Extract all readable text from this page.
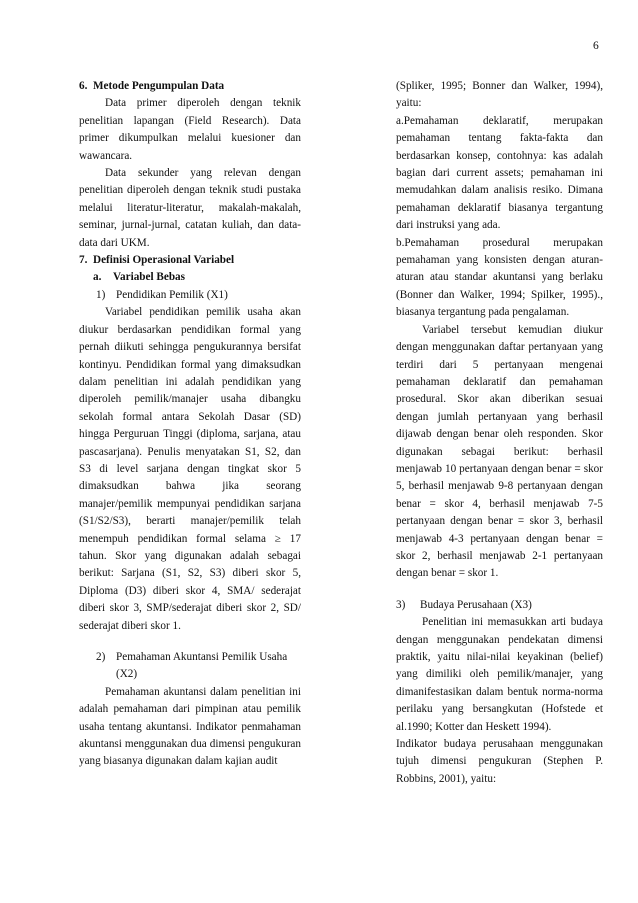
6
6. Metode Pengumpulan Data

Data primer diperoleh dengan teknik penelitian lapangan (Field Research). Data primer dikumpulkan melalui kuesioner dan wawancara.

Data sekunder yang relevan dengan penelitian diperoleh dengan teknik studi pustaka melalui literatur-literatur, makalah-makalah, seminar, jurnal-jurnal, catatan kuliah, dan data-data dari UKM.

7. Definisi Operasional Variabel
a.	Variabel Bebas
1) Pendidikan Pemilik (X1)

Variabel pendidikan pemilik usaha akan diukur berdasarkan pendidikan formal yang pernah diikuti sehingga pengukurannya bersifat kontinyu. Pendidikan formal yang dimaksudkan dalam penelitian ini adalah pendidikan yang diperoleh pemilik/manajer usaha dibangku sekolah formal antara Sekolah Dasar (SD) hingga Perguruan Tinggi (diploma, sarjana, atau pascasarjana). Penulis menyatakan S1, S2, dan S3 di level sarjana dengan tingkat skor 5 dimaksudkan bahwa jika seorang manajer/pemilik mempunyai pendidikan sarjana (S1/S2/S3), berarti manajer/pemilik telah menempuh pendidikan formal selama ≥ 17 tahun. Skor yang digunakan adalah sebagai berikut: Sarjana (S1, S2, S3) diberi skor 5, Diploma (D3) diberi skor 4, SMA/ sederajat diberi skor 3, SMP/sederajat diberi skor 2, SD/ sederajat diberi skor 1.

2) Pemahaman Akuntansi Pemilik Usaha (X2)

Pemahaman akuntansi dalam penelitian ini adalah pemahaman dari pimpinan atau pemilik usaha tentang akuntansi. Indikator penmahaman akuntansi menggunakan dua dimensi pengukuran yang biasanya digunakan dalam kajian audit

(Spliker, 1995; Bonner dan Walker, 1994), yaitu:

a.Pemahaman deklaratif, merupakan pemahaman tentang fakta-fakta dan berdasarkan konsep, contohnya: kas adalah bagian dari current assets; pemahaman ini memudahkan dalam analisis resiko. Dimana pemahaman deklaratif biasanya tergantung dari instruksi yang ada.

b.Pemahaman prosedural merupakan pemahaman yang konsisten dengan aturan-aturan atau standar akuntansi yang berlaku (Bonner dan Walker, 1994; Spilker, 1995)., biasanya tergantung pada pengalaman.

Variabel tersebut kemudian diukur dengan menggunakan daftar pertanyaan yang terdiri dari 5 pertanyaan mengenai pemahaman deklaratif dan pemahaman prosedural. Skor akan diberikan sesuai dengan jumlah pertanyaan yang berhasil dijawab dengan benar oleh responden. Skor digunakan sebagai berikut: berhasil menjawab 10 pertanyaan dengan benar = skor 5, berhasil menjawab 9-8 pertanyaan dengan benar = skor 4, berhasil menjawab 7-5 pertanyaan dengan benar = skor 3, berhasil menjawab 4-3 pertanyaan dengan benar = skor 2, berhasil menjawab 2-1 pertanyaan dengan benar = skor 1.

3)	Budaya Perusahaan (X3)

Penelitian ini memasukkan arti budaya dengan menggunakan pendekatan dimensi praktik, yaitu nilai-nilai keyakinan (belief) yang dimiliki oleh pemilik/manajer, yang dimanifestasikan dalam bentuk norma-norma perilaku yang bersangkutan (Hofstede et al.1990; Kotter dan Heskett 1994).

Indikator budaya perusahaan menggunakan tujuh dimensi pengukuran (Stephen P. Robbins, 2001), yaitu:
